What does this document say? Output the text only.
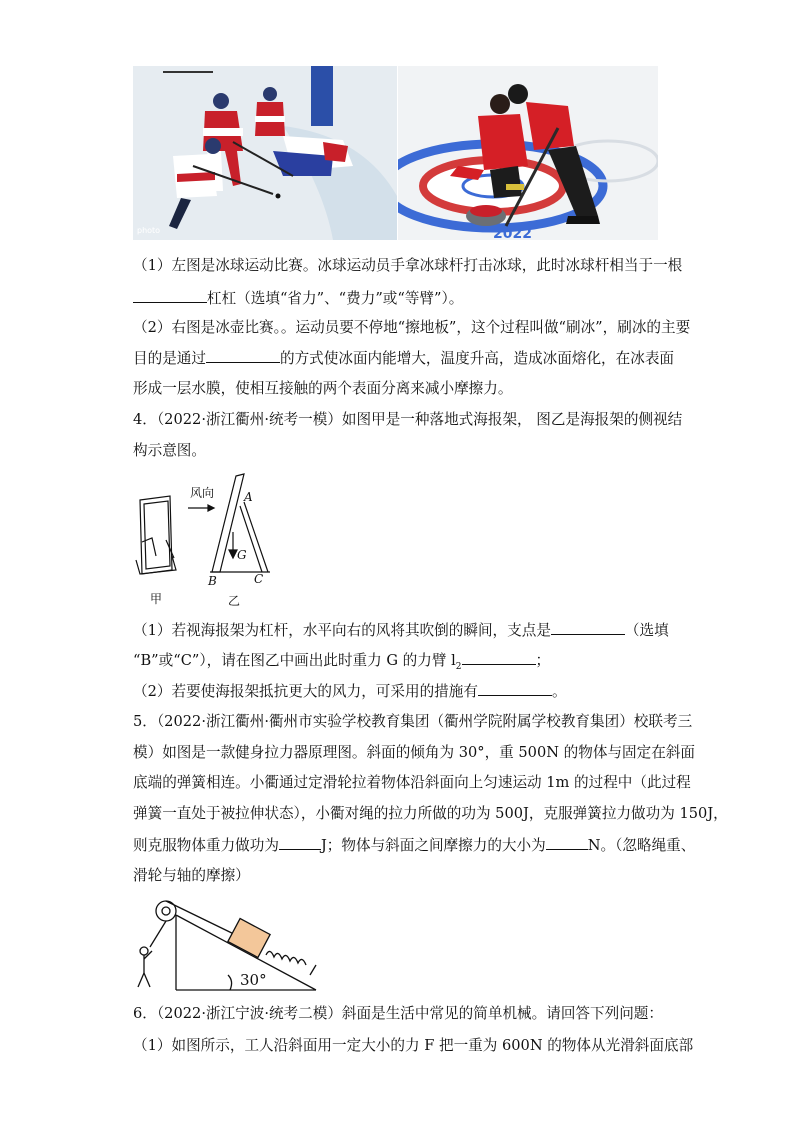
photo	2022
（1）左图是冰球运动比赛。冰球运动员手拿冰球杆打击冰球，此时冰球杆相当于一根
杠杠（选填“省力”、“费力”或“等臂”）。
（2）右图是冰壶比赛。。运动员要不停地“擦地板”，这个过程叫做“刷冰”，刷冰的主要
目的是通过	的方式使冰面内能增大，温度升高，造成冰面熔化，在冰表面
形成一层水膜，使相互接触的两个表面分离来减小摩擦力。
4．（2022·浙江衢州·统考一模）如图甲是一种落地式海报架， 图乙是海报架的侧视结
构示意图。
风向 A
G
B	C
甲	乙
（1）若视海报架为杠杆，水平向右的风将其吹倒的瞬间，支点是	（选填
“B”或“C”），请在图乙中画出此时重力 G 的力臂 $l_2$	；
（2）若要使海报架抵抗更大的风力，可采用的措施有	。
5．（2022·浙江衢州·衢州市实验学校教育集团（衢州学院附属学校教育集团）校联考三
模）如图是一款健身拉力器原理图。斜面的倾角为 30°，重 500N 的物体与固定在斜面
底端的弹簧相连。小衢通过定滑轮拉着物体沿斜面向上匀速运动 1m 的过程中（此过程
弹簧一直处于被拉伸状态），小衢对绳的拉力所做的功为 500J，克服弹簧拉力做功为 150J，
则克服物体重力做功为	J；物体与斜面之间摩擦力的大小为	N。（忽略绳重、
滑轮与轴的摩擦）
30°
6．（2022·浙江宁波·统考二模）斜面是生活中常见的简单机械。请回答下列问题：
（1）如图所示，工人沿斜面用一定大小的力 F 把一重为 600N 的物体从光滑斜面底部
